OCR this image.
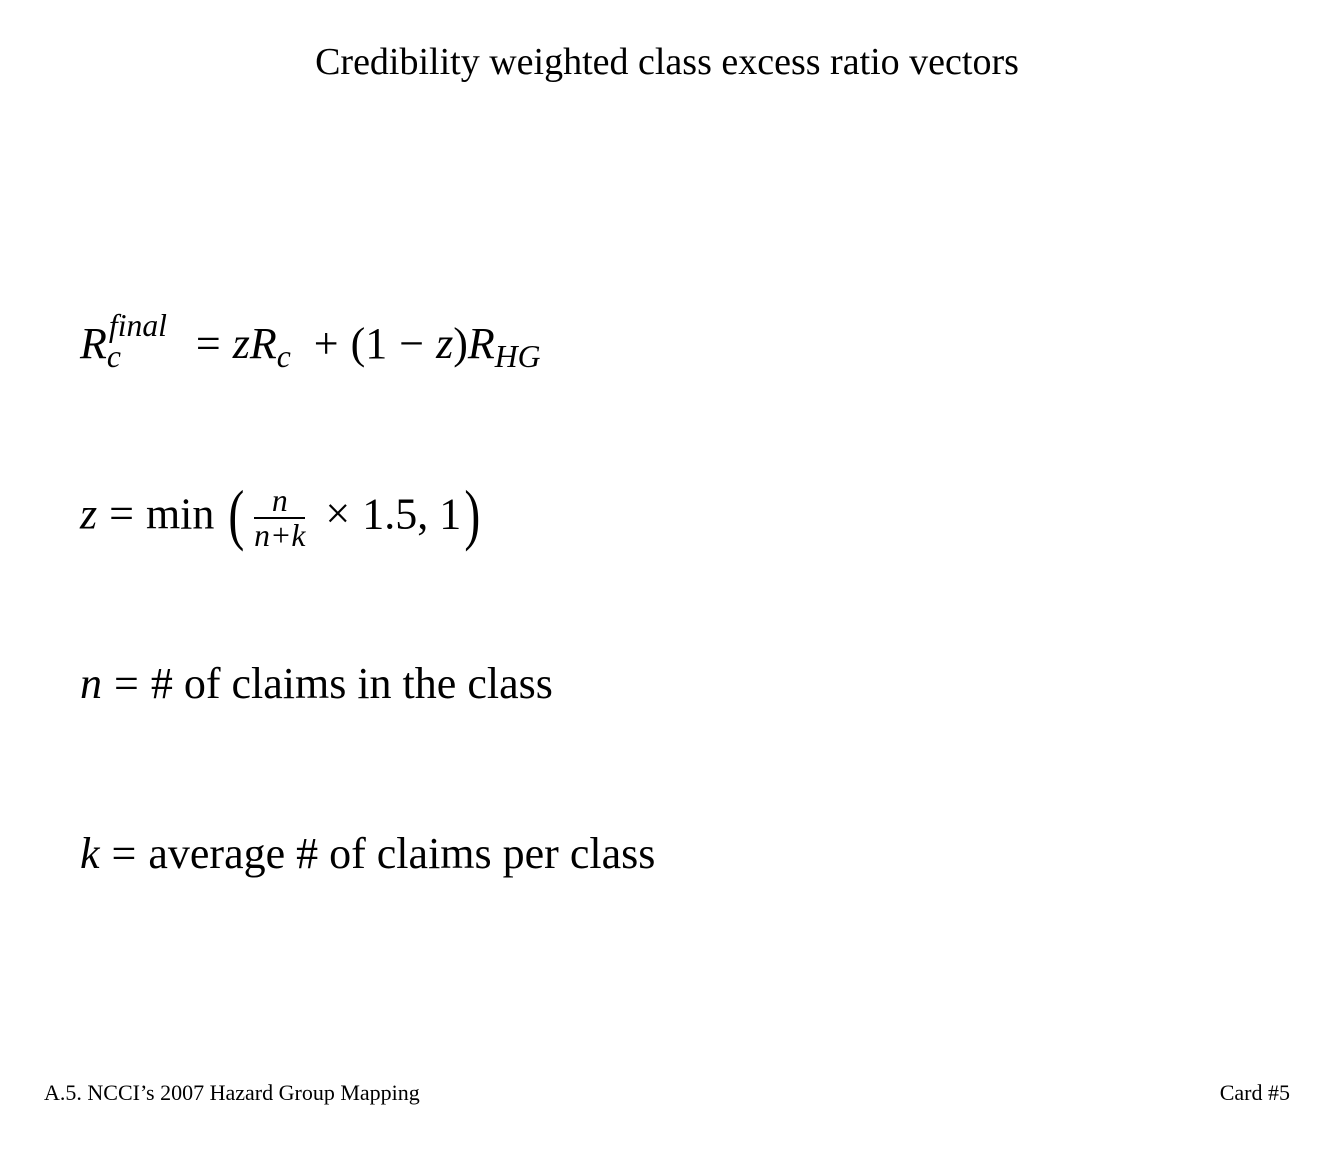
Credibility weighted class excess ratio vectors
R final
$c = zR_c + (1 - z)R_{HG}$
z = min ( $\frac{n}{n+k} \times 1.5$, 1)
n = # of claims in the class
k = average # of claims per class
A.5. NCCI’s 2007 Hazard Group Mapping	Card #5
